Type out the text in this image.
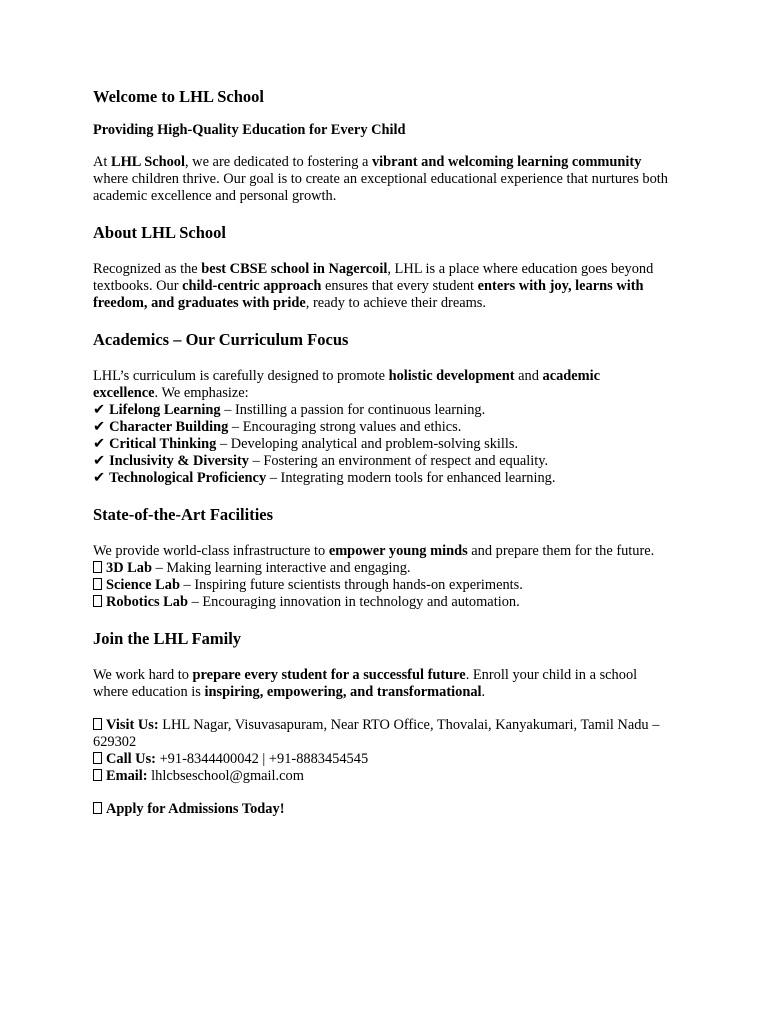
Welcome to LHL School
Providing High-Quality Education for Every Child

At LHL School, we are dedicated to fostering a vibrant and welcoming learning community where children thrive. Our goal is to create an exceptional educational experience that nurtures both academic excellence and personal growth.

About LHL School

Recognized as the best CBSE school in Nagercoil, LHL is a place where education goes beyond textbooks. Our child-centric approach ensures that every student enters with joy, learns with freedom, and graduates with pride, ready to achieve their dreams.

Academics – Our Curriculum Focus

LHL’s curriculum is carefully designed to promote holistic development and academic excellence. We emphasize:

✔ Lifelong Learning – Instilling a passion for continuous learning.
✔ Character Building – Encouraging strong values and ethics.
✔ Critical Thinking – Developing analytical and problem-solving skills.
✔ Inclusivity & Diversity – Fostering an environment of respect and equality.
✔ Technological Proficiency – Integrating modern tools for enhanced learning.
State-of-the-Art Facilities

We provide world-class infrastructure to empower young minds and prepare them for the future.

3D Lab – Making learning interactive and engaging.
Science Lab – Inspiring future scientists through hands-on experiments.
Robotics Lab – Encouraging innovation in technology and automation.
Join the LHL Family

We work hard to prepare every student for a successful future. Enroll your child in a school where education is inspiring, empowering, and transformational.

Visit Us: LHL Nagar, Visuvasapuram, Near RTO Office, Thovalai, Kanyakumari, Tamil Nadu – 629302
Call Us: +91-8344400042 | +91-8883454545
Email: lhlcbseschool@gmail.com

Apply for Admissions Today!
